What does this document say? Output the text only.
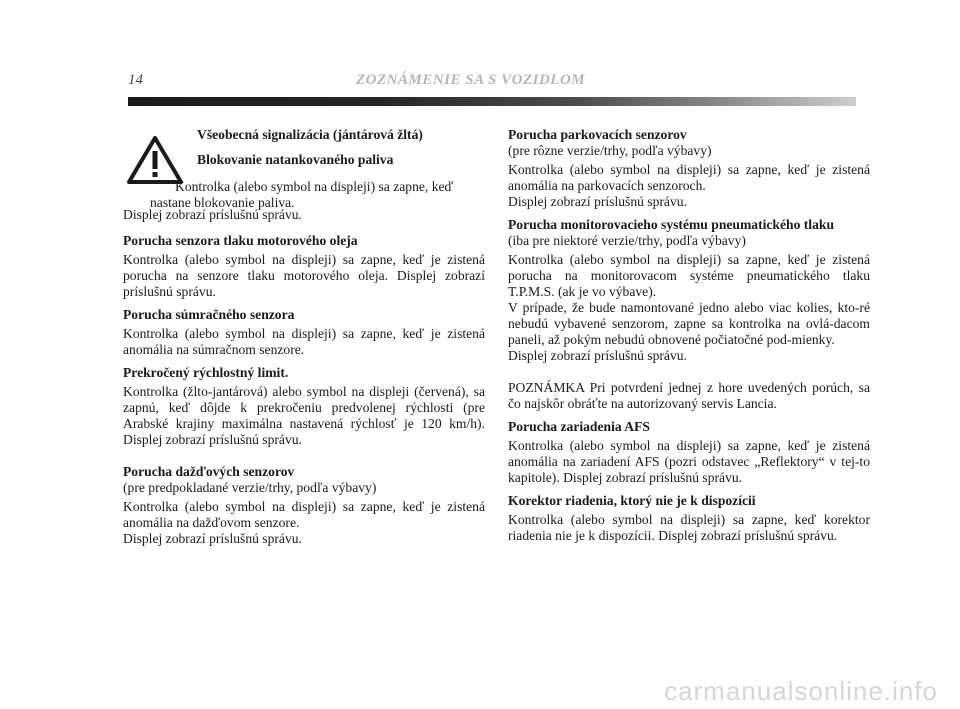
14	ZOZNÁMENIE SA S VOZIDLOM
Všeobecná signalizácia (jántárová žltá)
Blokovanie natankovaného paliva
Kontrolka (alebo symbol na displeji) sa zapne, keď
nastane blokovanie paliva.
Displej zobrazí príslušnú správu.
Porucha senzora tlaku motorového oleja
Kontrolka (alebo symbol na displeji) sa zapne, keď je zistená porucha na senzore tlaku motorového oleja. Displej zobrazí príslušnú správu.
Porucha súmračného senzora
Kontrolka (alebo symbol na displeji) sa zapne, keď je zistená anomália na súmračnom senzore.
Prekročený rýchlostný limit.
Kontrolka (žlto-jantárová) alebo symbol na displeji (červená), sa zapnú, keď dôjde k prekročeniu predvolenej rýchlosti (pre Arabské krajiny maximálna nastavená rýchlosť je 120 km/h). Displej zobrazí príslušnú správu.
Porucha dažďových senzorov
(pre predpokladané verzie/trhy, podľa výbavy)
Kontrolka (alebo symbol na displeji) sa zapne, keď je zistená anomália na dažďovom senzore.
Displej zobrazí príslušnú správu.
Porucha parkovacích senzorov
(pre rôzne verzie/trhy, podľa výbavy)
Kontrolka (alebo symbol na displeji) sa zapne, keď je zistená anomália na parkovacích senzoroch.
Displej zobrazí príslušnú správu.
Porucha monitorovacieho systému pneumatického tlaku
(iba pre niektoré verzie/trhy, podľa výbavy)
Kontrolka (alebo symbol na displeji) sa zapne, keď je zistená porucha na monitorovacom systéme pneumatického tlaku T.P.M.S. (ak je vo výbave).
V prípade, že bude namontované jedno alebo viac kolies, kto-ré nebudú vybavené senzorom, zapne sa kontrolka na ovlá-dacom paneli, až pokým nebudú obnovené počiatočné pod-mienky.
Displej zobrazí príslušnú správu.
POZNÁMKA Pri potvrdení jednej z hore uvedených porúch, sa čo najskôr obráťte na autorizovaný servis Lancia.
Porucha zariadenia AFS
Kontrolka (alebo symbol na displeji) sa zapne, keď je zistená anomália na zariadení AFS (pozri odstavec „Reflektory“ v tej-to kapitole). Displej zobrazí príslušnú správu.
Korektor riadenia, ktorý nie je k dispozícii
Kontrolka (alebo symbol na displeji) sa zapne, keď korektor riadenia nie je k dispozícii. Displej zobrazí príslušnú správu.
carmanualsonline.info
